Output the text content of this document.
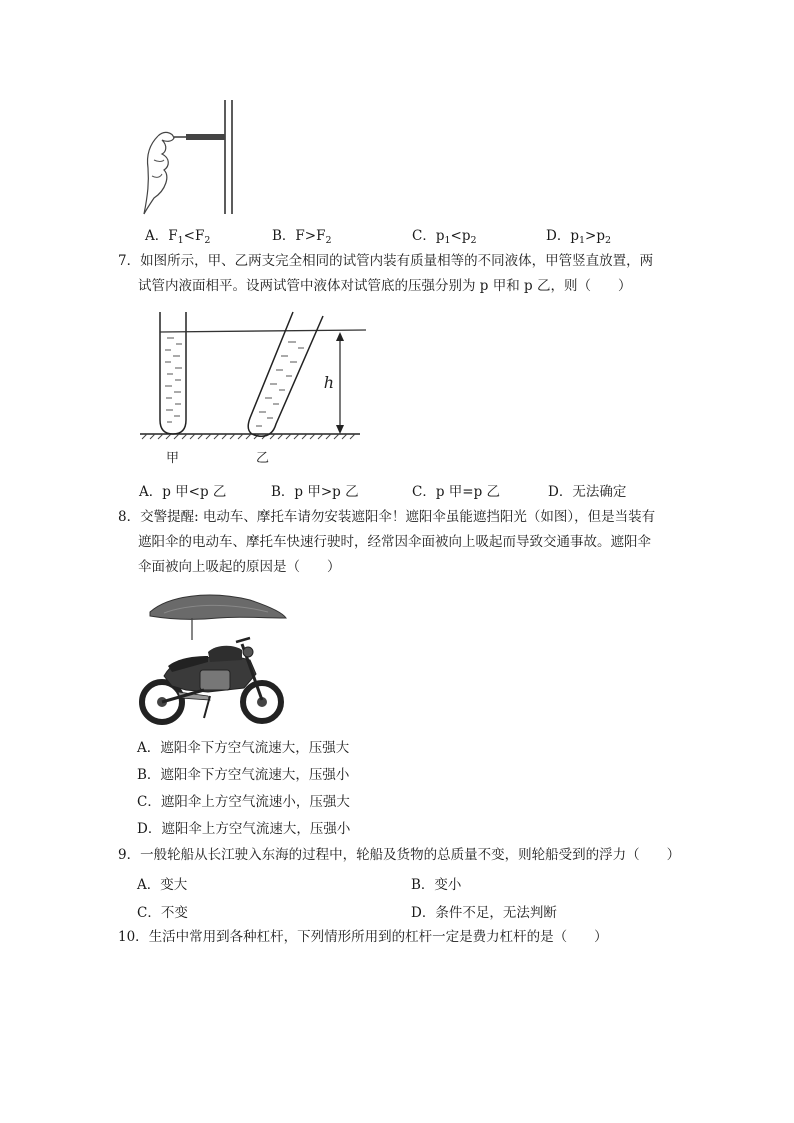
A．$F_1<F_2$	B．$F>F_2$	C．$p_1<p_2$	D．$p_1>p_2$
7．如图所示，甲、乙两支完全相同的试管内装有质量相等的不同液体，甲管竖直放置，两
试管内液面相平。设两试管中液体对试管底的压强分别为 p 甲和 p 乙，则（　　）
h
甲	乙
A．p 甲<p 乙	B．p 甲>p 乙	C．p 甲=p 乙	D．无法确定
8．交警提醒: 电动车、摩托车请勿安装遮阳伞！遮阳伞虽能遮挡阳光（如图），但是当装有
遮阳伞的电动车、摩托车快速行驶时，经常因伞面被向上吸起而导致交通事故。遮阳伞
伞面被向上吸起的原因是（　　）
A．遮阳伞下方空气流速大，压强大
B．遮阳伞下方空气流速大，压强小
C．遮阳伞上方空气流速小，压强大
D．遮阳伞上方空气流速大，压强小
9．一般轮船从长江驶入东海的过程中，轮船及货物的总质量不变，则轮船受到的浮力（　　）
A．变大	B．变小
C．不变	D．条件不足，无法判断
10．生活中常用到各种杠杆，下列情形所用到的杠杆一定是费力杠杆的是（　　）
